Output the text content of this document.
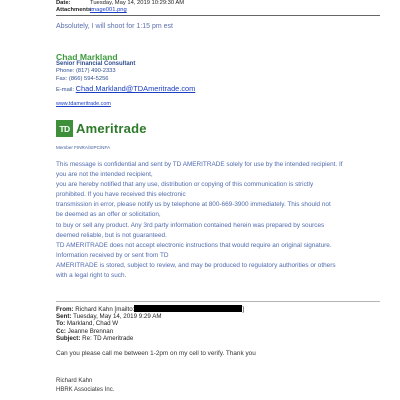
Date:	Tuesday, May 14, 2019 10:29:30 AM
Attachments:image001.png
Absolutely, I will shoot for 1:15 pm est
Chad Markland
Senior Financial Consultant
Phone: (817) 490-2333
Fax: (866) 594-5256
E-mail: Chad.Markland@TDAmeritrade.com
www.tdameritrade.com
TD Ameritrade
Member FINRA/SIPC/NFA
This message is confidential and sent by TD AMERITRADE solely for use by the intended recipient. If
you are not the intended recipient,
you are hereby notified that any use, distribution or copying of this communication is strictly
prohibited. If you have received this electronic
transmission in error, please notify us by telephone at 800-669-3900 immediately. This should not
be deemed as an offer or solicitation,
to buy or sell any product. Any 3rd party information contained herein was prepared by sources
deemed reliable, but is not guaranteed.
TD AMERITRADE does not accept electronic instructions that would require an original signature.
Information received by or sent from TD
AMERITRADE is stored, subject to review, and may be produced to regulatory authorities or others
with a legal right to such.
From: Richard Kahn [mailto:	]
Sent: Tuesday, May 14, 2019 9:29 AM
To: Markland, Chad W
Cc: Jeanne Brennan
Subject: Re: TD Ameritrade
Can you please call me between 1-2pm on my cell to verify. Thank you
Richard Kahn
HBRK Associates Inc.
